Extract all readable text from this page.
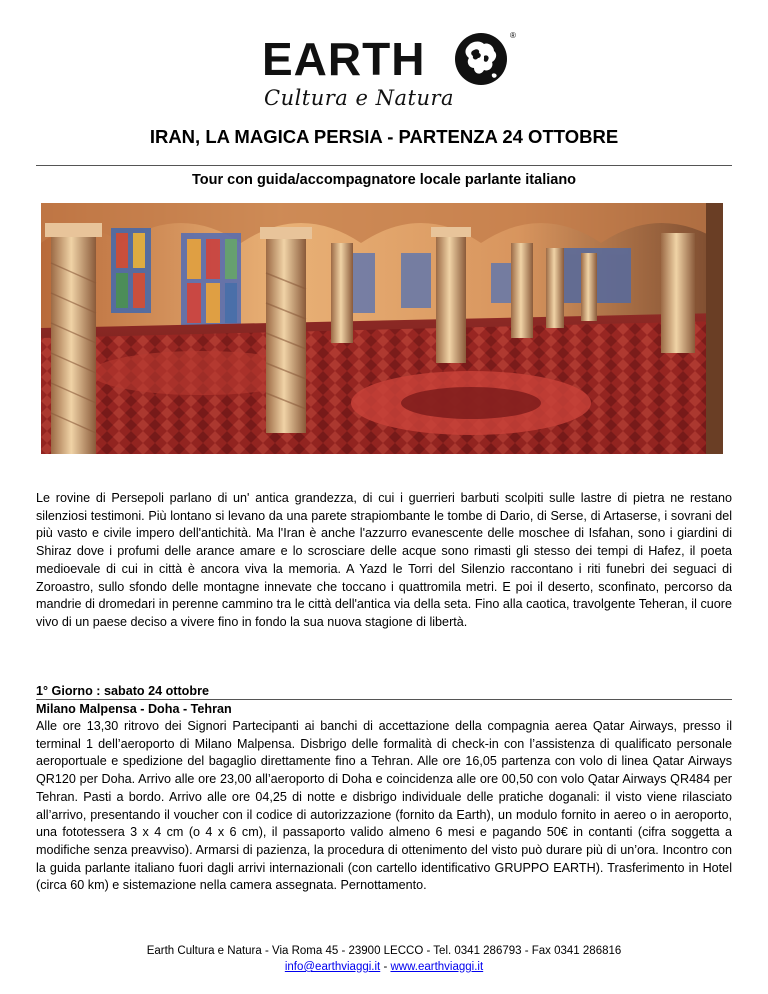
EARTH	®
Cultura e Natura
IRAN, LA MAGICA PERSIA - PARTENZA 24 OTTOBRE
Tour con guida/accompagnatore locale parlante italiano
Le rovine di Persepoli parlano di un' antica grandezza, di cui i guerrieri barbuti scolpiti sulle lastre di pietra ne restano silenziosi testimoni. Più lontano si levano da una parete strapiombante le tombe di Dario, di Serse, di Artaserse, i sovrani del più vasto e civile impero dell'antichità. Ma l'Iran è anche l'azzurro evanescente delle moschee di Isfahan, sono i giardini di Shiraz dove i profumi delle arance amare e lo scrosciare delle acque sono rimasti gli stesso dei tempi di Hafez, il poeta medioevale di cui in città è ancora viva la memoria. A Yazd le Torri del Silenzio raccontano i riti funebri dei seguaci di Zoroastro, sullo sfondo delle montagne innevate che toccano i quattromila metri. E poi il deserto, sconfinato, percorso da mandrie di dromedari in perenne cammino tra le città dell'antica via della seta. Fino alla caotica, travolgente Teheran, il cuore vivo di un paese deciso a vivere fino in fondo la sua nuova stagione di libertà.
1° Giorno : sabato 24 ottobre
Milano Malpensa - Doha - Tehran
Alle ore 13,30 ritrovo dei Signori Partecipanti ai banchi di accettazione della compagnia aerea Qatar Airways, presso il terminal 1 dell’aeroporto di Milano Malpensa. Disbrigo delle formalità di check-in con l’assistenza di qualificato personale aeroportuale e spedizione del bagaglio direttamente fino a Tehran. Alle ore 16,05 partenza con volo di linea Qatar Airways QR120 per Doha. Arrivo alle ore 23,00 all’aeroporto di Doha e coincidenza alle ore 00,50 con volo Qatar Airways QR484 per Tehran. Pasti a bordo. Arrivo alle ore 04,25 di notte e disbrigo individuale delle pratiche doganali: il visto viene rilasciato all’arrivo, presentando il voucher con il codice di autorizzazione (fornito da Earth), un modulo fornito in aereo o in aeroporto, una fototessera 3 x 4 cm (o 4 x 6 cm), il passaporto valido almeno 6 mesi e pagando 50€ in contanti (cifra soggetta a modifiche senza preavviso). Armarsi di pazienza, la procedura di ottenimento del visto può durare più di un’ora. Incontro con la guida parlante italiano fuori dagli arrivi internazionali (con cartello identificativo GRUPPO EARTH). Trasferimento in Hotel (circa 60 km) e sistemazione nella camera assegnata. Pernottamento.
Earth Cultura e Natura - Via Roma 45 - 23900 LECCO - Tel. 0341 286793 - Fax 0341 286816
info@earthviaggi.it - www.earthviaggi.it
